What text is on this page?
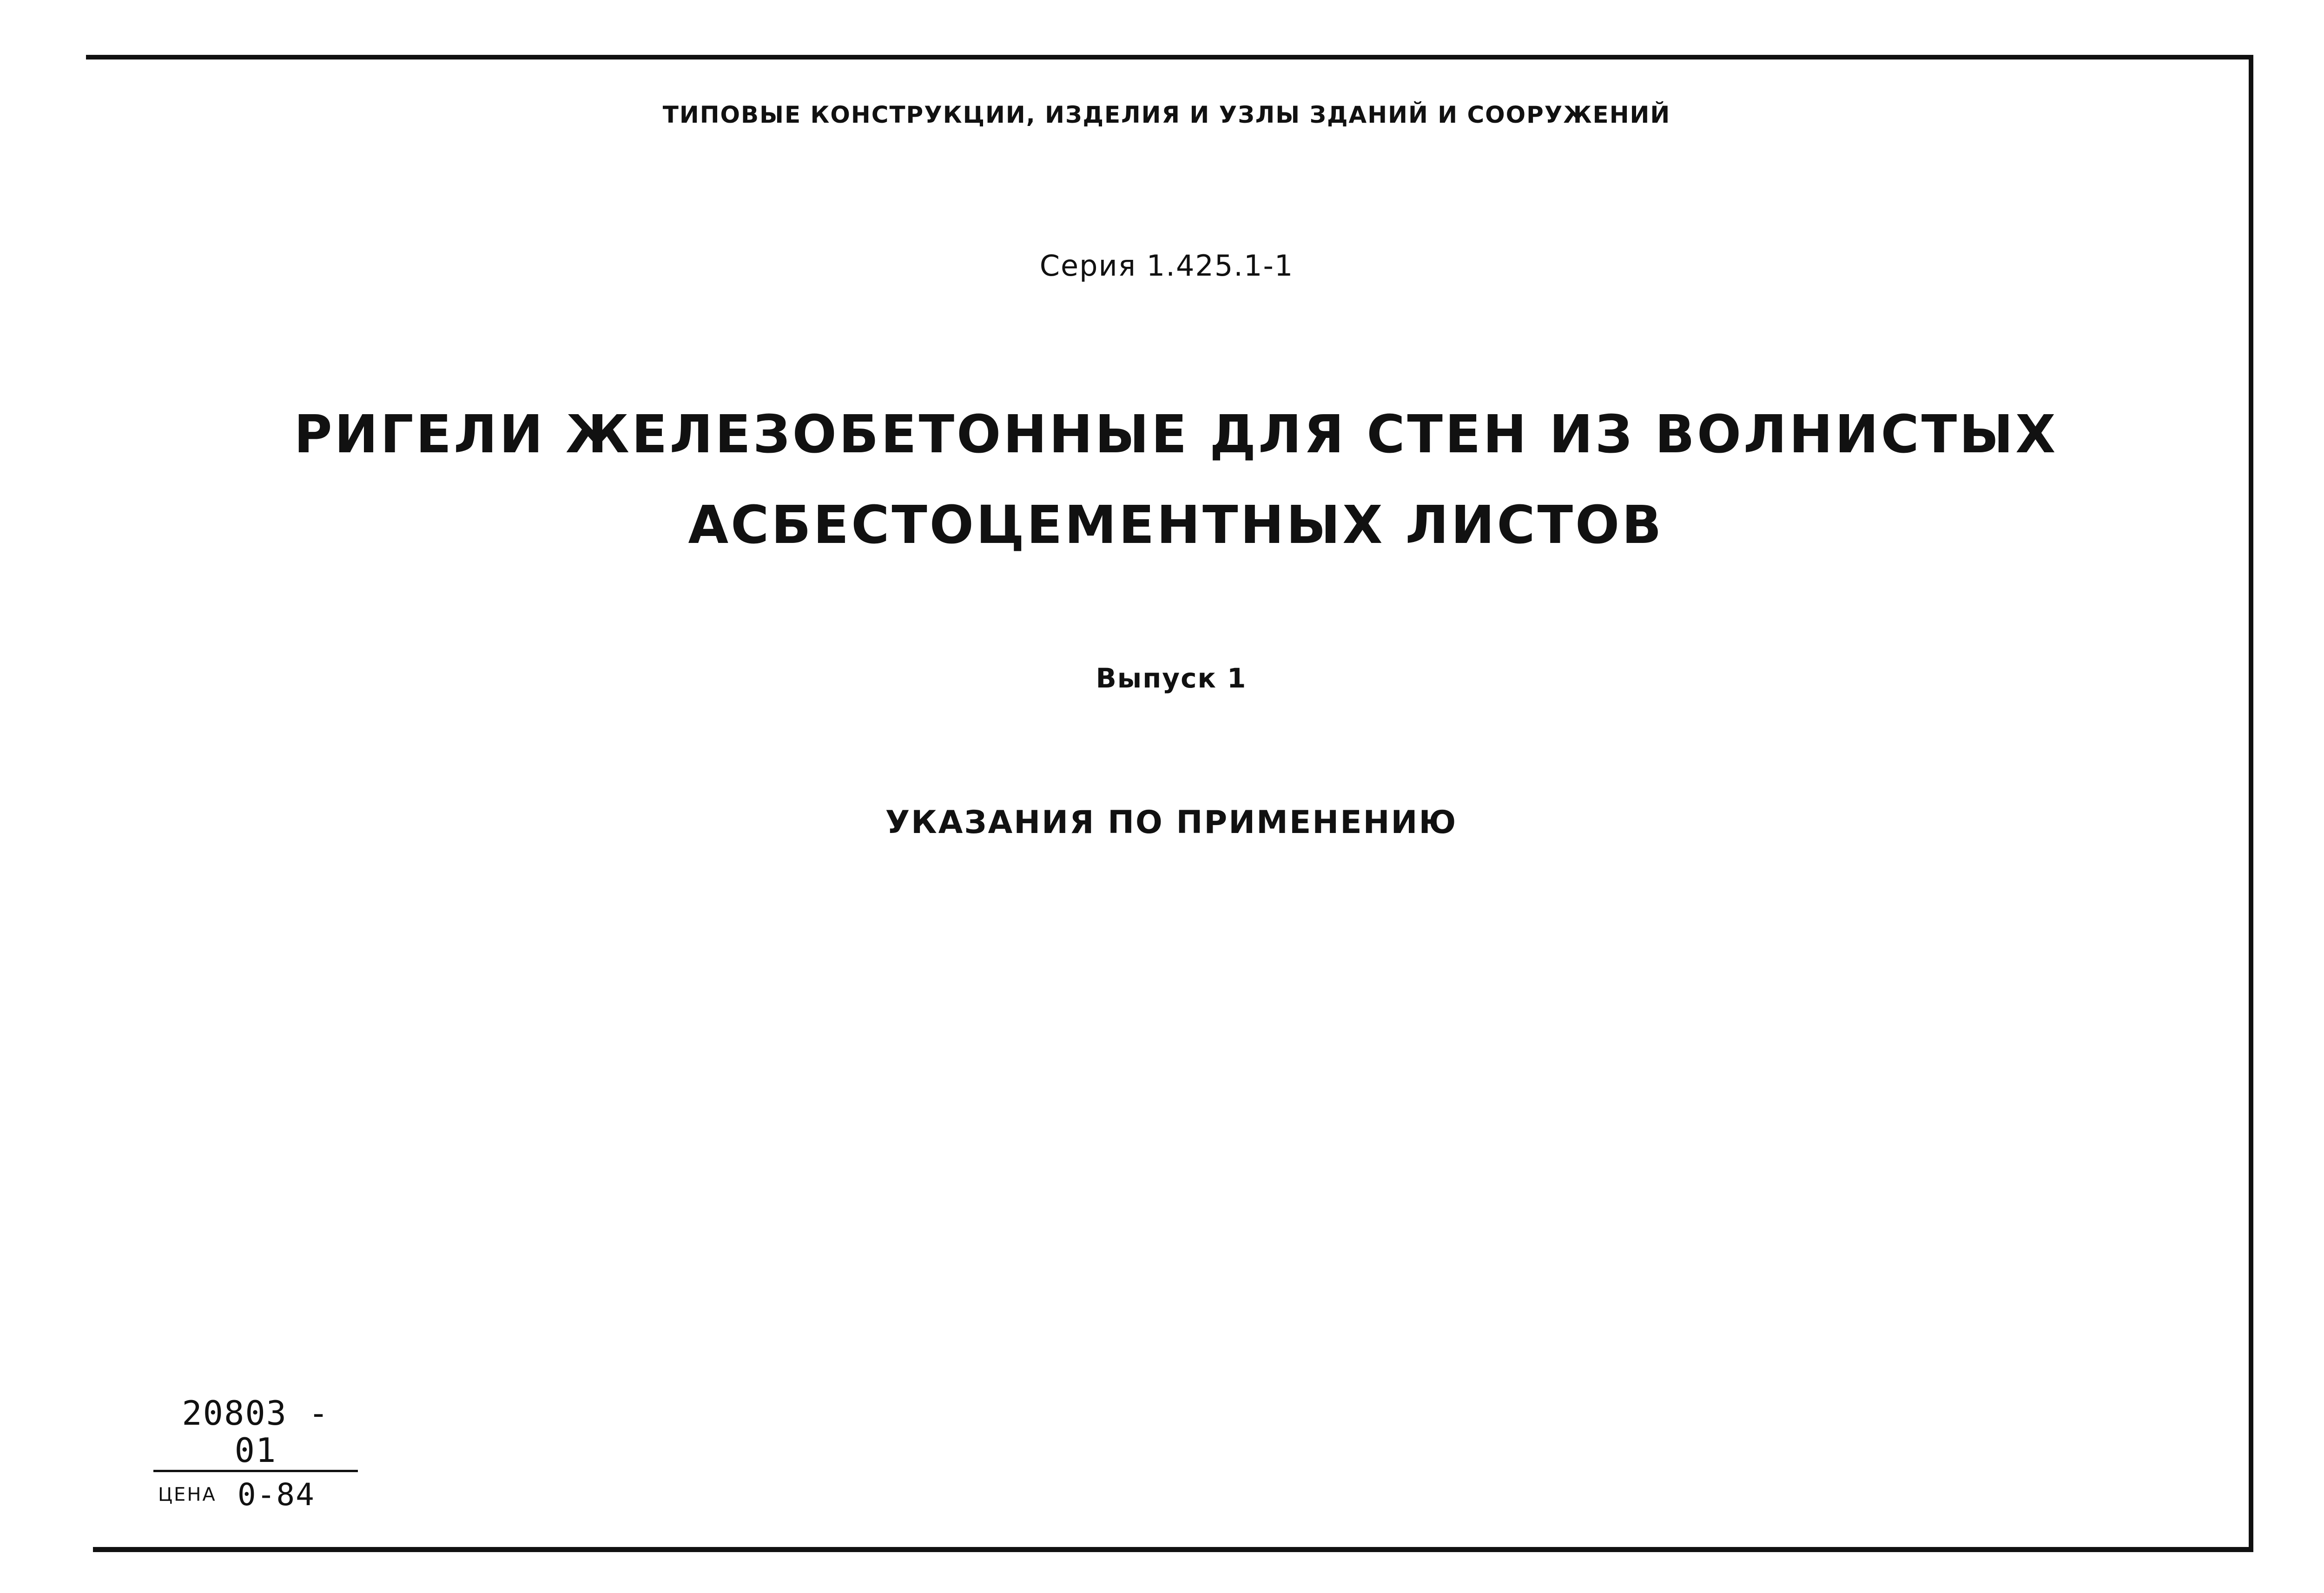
ТИПОВЫЕ КОНСТРУКЦИИ, ИЗДЕЛИЯ И УЗЛЫ ЗДАНИЙ И СООРУЖЕНИЙ
Серия 1.425.1-1
РИГЕЛИ ЖЕЛЕЗОБЕТОННЫЕ ДЛЯ СТЕН ИЗ ВОЛНИСТЫХ
АСБЕСТОЦЕМЕНТНЫХ ЛИСТОВ
Выпуск 1
УКАЗАНИЯ ПО ПРИМЕНЕНИЮ
20803 - 01
ЦЕНА 0-84
